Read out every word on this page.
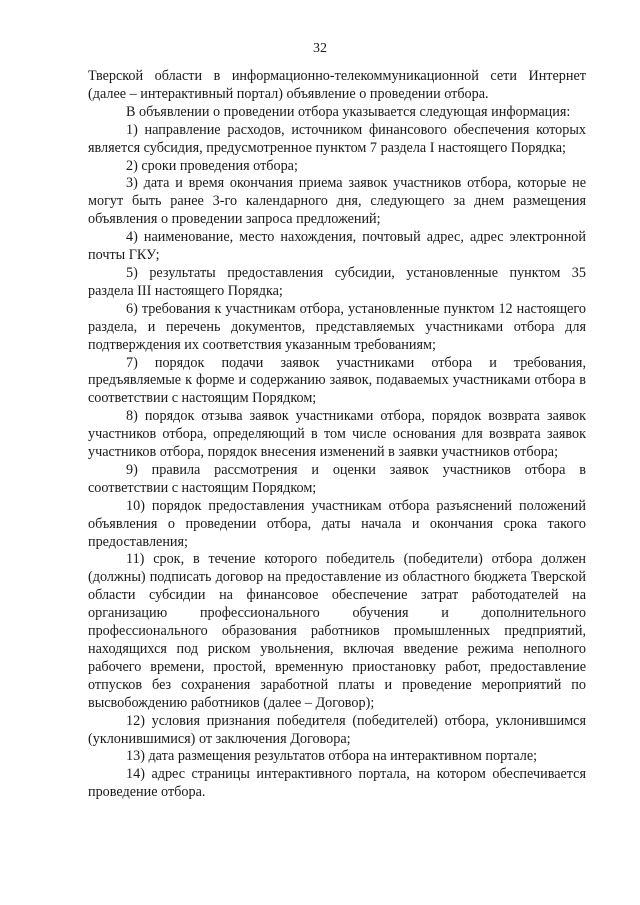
32

Тверской области в информационно-телекоммуникационной сети Интернет (далее – интерактивный портал) объявление о проведении отбора.

В объявлении о проведении отбора указывается следующая информация:

1) направление расходов, источником финансового обеспечения которых является субсидия, предусмотренное пунктом 7 раздела I настоящего Порядка;

2) сроки проведения отбора;

3) дата и время окончания приема заявок участников отбора, которые не могут быть ранее 3-го календарного дня, следующего за днем размещения объявления о проведении запроса предложений;

4) наименование, место нахождения, почтовый адрес, адрес электронной почты ГКУ;

5) результаты предоставления субсидии, установленные пунктом 35 раздела III настоящего Порядка;

6) требования к участникам отбора, установленные пунктом 12 настоящего раздела, и перечень документов, представляемых участниками отбора для подтверждения их соответствия указанным требованиям;

7) порядок подачи заявок участниками отбора и требования, предъявляемые к форме и содержанию заявок, подаваемых участниками отбора в соответствии с настоящим Порядком;

8) порядок отзыва заявок участниками отбора, порядок возврата заявок участников отбора, определяющий в том числе основания для возврата заявок участников отбора, порядок внесения изменений в заявки участников отбора;

9) правила рассмотрения и оценки заявок участников отбора в соответствии с настоящим Порядком;

10) порядок предоставления участникам отбора разъяснений положений объявления о проведении отбора, даты начала и окончания срока такого предоставления;

11) срок, в течение которого победитель (победители) отбора должен (должны) подписать договор на предоставление из областного бюджета Тверской области субсидии на финансовое обеспечение затрат работодателей на организацию профессионального обучения и дополнительного профессионального образования работников промышленных предприятий, находящихся под риском увольнения, включая введение режима неполного рабочего времени, простой, временную приостановку работ, предоставление отпусков без сохранения заработной платы и проведение мероприятий по высвобождению работников (далее – Договор);

12) условия признания победителя (победителей) отбора, уклонившимся (уклонившимися) от заключения Договора;

13) дата размещения результатов отбора на интерактивном портале;

14) адрес страницы интерактивного портала, на котором обеспечивается проведение отбора.
